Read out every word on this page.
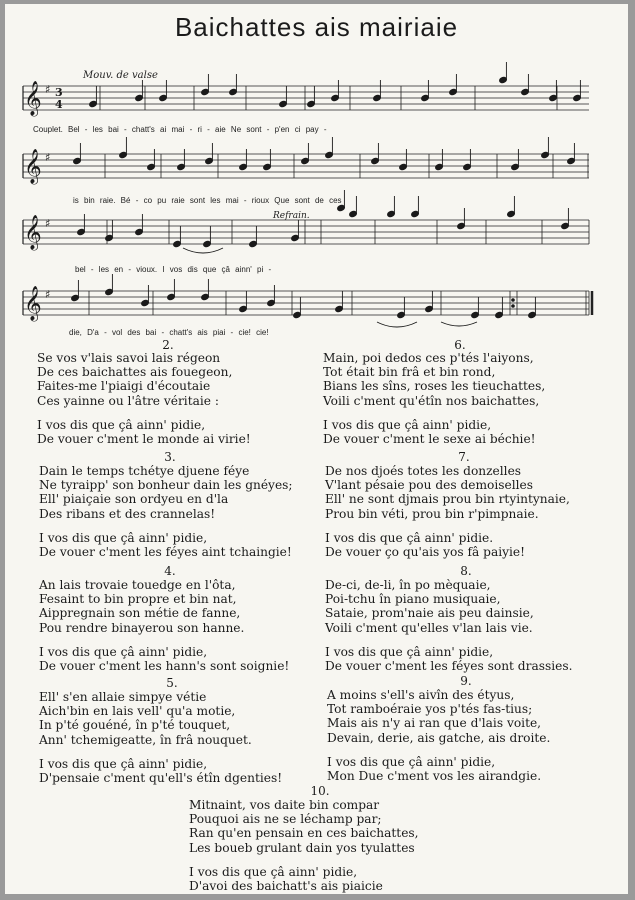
Baichattes ais mairiaie
𝄞 ♯
𝄞 ♯
𝄞 ♯
𝄞 ♯
3
4
Mouv. de valse
Refrain.
Couplet. Bel - les bai - chatt's ai mai - ri - aie Ne sont - p'en ci pay -
is bin raie. Bé - co pu raie sont les mai - rioux Que sont de ces
bel - les en - vioux. I vos dis que çâ ainn' pi -
die, D'a - vol des bai - chatt's ais piai - cie! cie!
2.
Se vos v'lais savoi lais régeon
De ces baichattes ais fouegeon,
Faites-me l'piaigi d'écoutaie
Ces yainne ou l'âtre véritaie :
I vos dis que çâ ainn' pidie,
De vouer c'ment le monde ai virie!
3.
Dain le temps tchétye djuene féye
Ne tyraipp' son bonheur dain les gnéyes;
Ell' piaiçaie son ordyeu en d'la
Des ribans et des crannelas!
I vos dis que çâ ainn' pidie,
De vouer c'ment les féyes aint tchaingie!
4.
An lais trovaie touedge en l'ôta,
Fesaint to bin propre et bin nat,
Aippregnain son métie de fanne,
Pou rendre binayerou son hanne.
I vos dis que çâ ainn' pidie,
De vouer c'ment les hann's sont soignie!
5.
Ell' s'en allaie simpye vétie
Aich'bin en lais vell' qu'a motie,
In p'té gouéné, în p'té touquet,
Ann' tchemigeatte, în frâ nouquet.
I vos dis que çâ ainn' pidie,
D'pensaie c'ment qu'ell's étîn dgenties!
6.
Main, poi dedos ces p'tés l'aiyons,
Tot était bin frâ et bin rond,
Bians les sîns, roses les tieuchattes,
Voili c'ment qu'étîn nos baichattes,
I vos dis que çâ ainn' pidie,
De vouer c'ment le sexe ai béchie!
7.
De nos djoés totes les donzelles
V'lant pésaie pou des demoiselles
Ell' ne sont djmais prou bin rtyintynaie,
Prou bin véti, prou bin r'pimpnaie.
I vos dis que çâ ainn' pidie.
De vouer ço qu'ais yos fâ paiyie!
8.
De-ci, de-li, în po mèquaie,
Poi-tchu în piano musiquaie,
Sataie, prom'naie ais peu dainsie,
Voili c'ment qu'elles v'lan lais vie.
I vos dis que çâ ainn' pidie,
De vouer c'ment les féyes sont drassies.
9.
A moins s'ell's aivîn des étyus,
Tot ramboéraie yos p'tés fas-tius;
Mais ais n'y ai ran que d'lais voite,
Devain, derie, ais gatche, ais droite.
I vos dis que çâ ainn' pidie,
Mon Due c'ment vos les airandgie.
10.
Mitnaint, vos daite bin compar
Pouquoi ais ne se léchamp par;
Ran qu'en pensain en ces baichattes,
Les boueb grulant dain yos tyulattes
I vos dis que çâ ainn' pidie,
D'avoi des baichatt's ais piaicie
